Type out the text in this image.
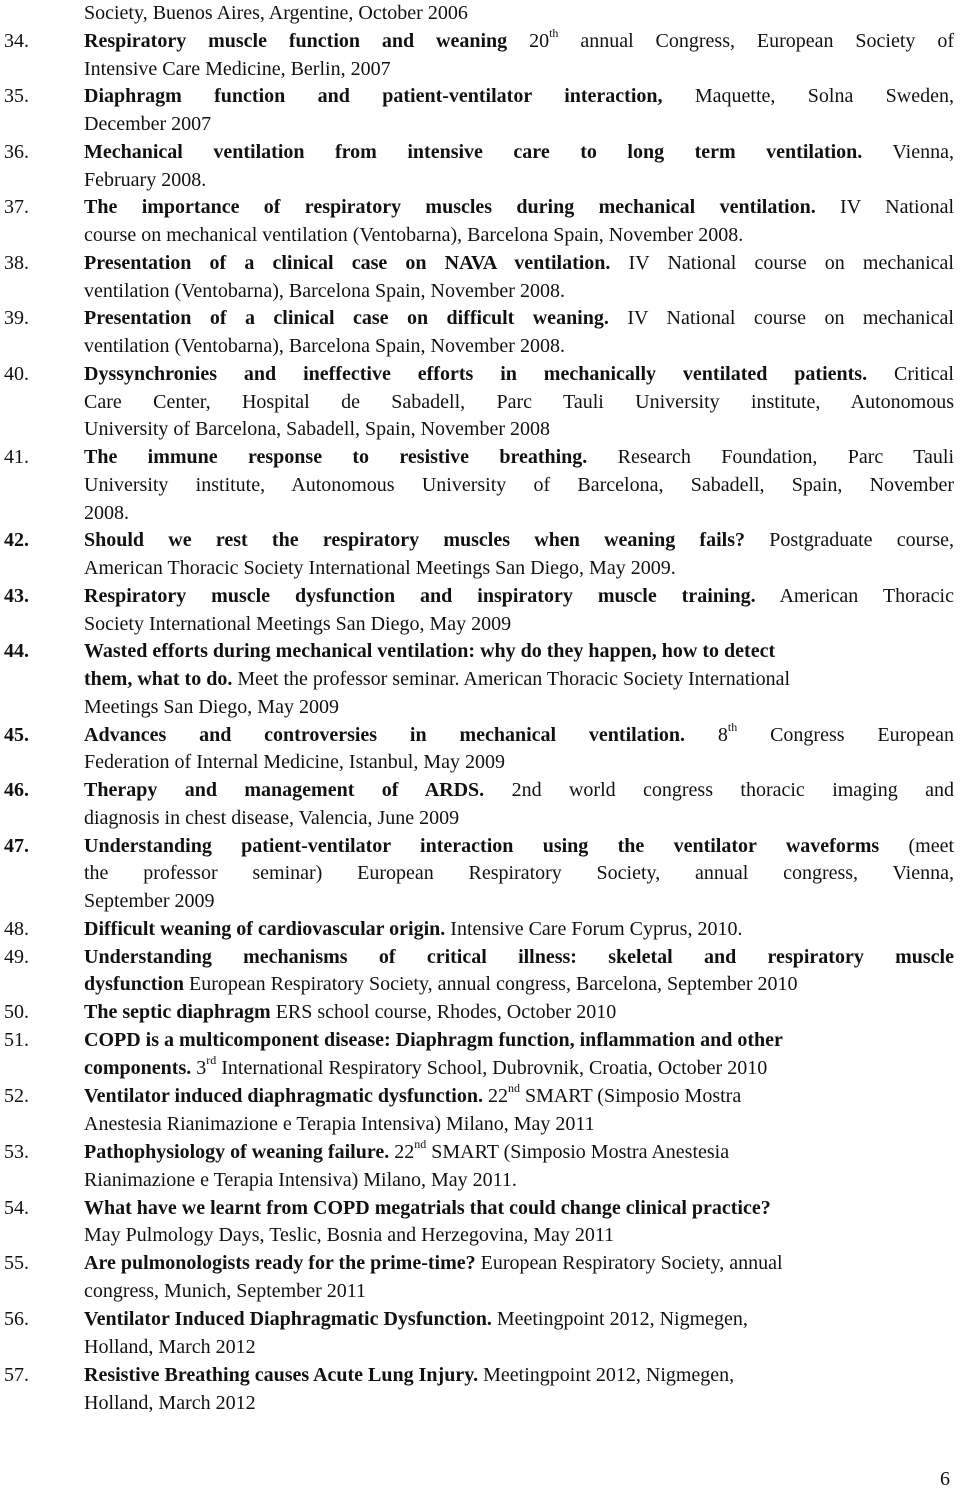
Society, Buenos Aires, Argentine, October 2006
34.	Respiratory muscle function and weaning 20th annual Congress, European Society of
Intensive Care Medicine, Berlin, 2007
35.	Diaphragm function and patient-ventilator interaction, Maquette, Solna Sweden,
December 2007
36.	Mechanical ventilation from intensive care to long term ventilation. Vienna,
February 2008.
37.	The importance of respiratory muscles during mechanical ventilation. IV National
course on mechanical ventilation (Ventobarna), Barcelona Spain, November 2008.
38.	Presentation of a clinical case on NAVA ventilation. IV National course on mechanical
ventilation (Ventobarna), Barcelona Spain, November 2008.
39.	Presentation of a clinical case on difficult weaning. IV National course on mechanical
ventilation (Ventobarna), Barcelona Spain, November 2008.
40.	Dyssynchronies and ineffective efforts in mechanically ventilated patients. Critical
Care Center, Hospital de Sabadell, Parc Tauli University institute, Autonomous
University of Barcelona, Sabadell, Spain, November 2008
41.	The immune response to resistive breathing. Research Foundation, Parc Tauli
University institute, Autonomous University of Barcelona, Sabadell, Spain, November
2008.
42.	Should we rest the respiratory muscles when weaning fails? Postgraduate course,
American Thoracic Society International Meetings San Diego, May 2009.
43.	Respiratory muscle dysfunction and inspiratory muscle training. American Thoracic
Society International Meetings San Diego, May 2009
44.	Wasted efforts during mechanical ventilation: why do they happen, how to detect
them, what to do. Meet the professor seminar. American Thoracic Society International
Meetings San Diego, May 2009
45.	Advances and controversies in mechanical ventilation. 8th Congress European
Federation of Internal Medicine, Istanbul, May 2009
46.	Therapy and management of ARDS. 2nd world congress thoracic imaging and
diagnosis in chest disease, Valencia, June 2009
47.	Understanding patient-ventilator interaction using the ventilator waveforms (meet
the professor seminar) European Respiratory Society, annual congress, Vienna,
September 2009
48.	Difficult weaning of cardiovascular origin. Intensive Care Forum Cyprus, 2010.
49.	Understanding mechanisms of critical illness: skeletal and respiratory muscle
dysfunction European Respiratory Society, annual congress, Barcelona, September 2010
50.	The septic diaphragm ERS school course, Rhodes, October 2010
51.	COPD is a multicomponent disease: Diaphragm function, inflammation and other
components. 3rd International Respiratory School, Dubrovnik, Croatia, October 2010
52.	Ventilator induced diaphragmatic dysfunction. 22nd SMART (Simposio Mostra
Anestesia Rianimazione e Terapia Intensiva) Milano, May 2011
53.	Pathophysiology of weaning failure. 22nd SMART (Simposio Mostra Anestesia
Rianimazione e Terapia Intensiva) Milano, May 2011.
54.	What have we learnt from COPD megatrials that could change clinical practice?
May Pulmology Days, Teslic, Bosnia and Herzegovina, May 2011
55.	Are pulmonologists ready for the prime-time? European Respiratory Society, annual
congress, Munich, September 2011
56.	Ventilator Induced Diaphragmatic Dysfunction. Meetingpoint 2012, Nigmegen,
Holland, March 2012
57.	Resistive Breathing causes Acute Lung Injury. Meetingpoint 2012, Nigmegen,
Holland, March 2012
6
